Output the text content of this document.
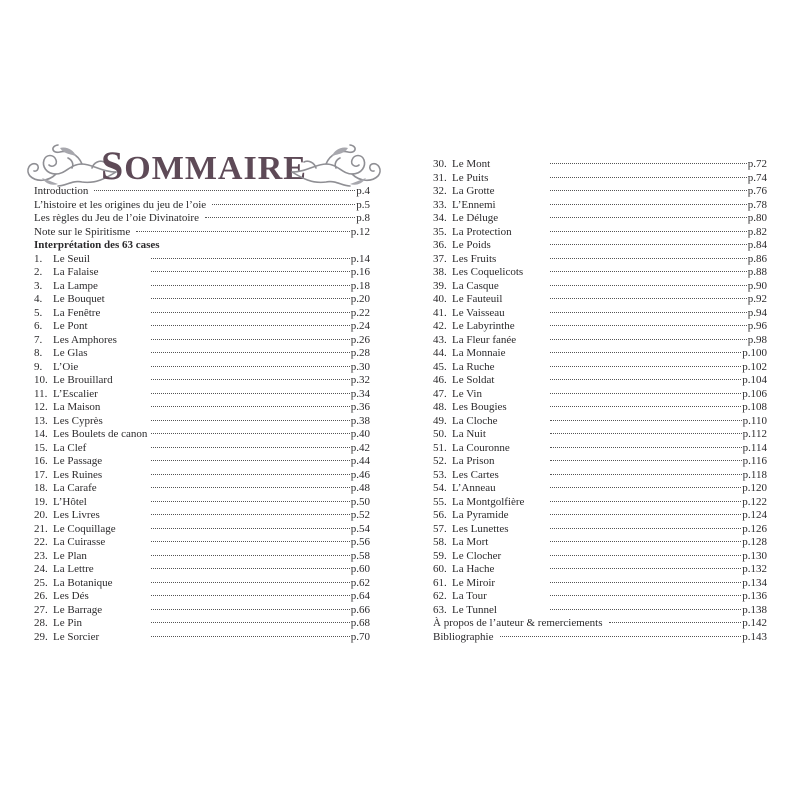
SOMMAIRE
Introduction	p.4
L’histoire et les origines du jeu de l’oie	p.5
Les règles du Jeu de l’oie Divinatoire	p.8
Note sur le Spiritisme	p.12
Interprétation des 63 cases
1. Le Seuil	p.14
2. La Falaise	p.16
3. La Lampe	p.18
4. Le Bouquet	p.20
5. La Fenêtre	p.22
6. Le Pont	p.24
7. Les Amphores	p.26
8. Le Glas	p.28
9. L’Oie	p.30
10. Le Brouillard	p.32
11. L’Escalier	p.34
12. La Maison	p.36
13. Les Cyprès	p.38
14. Les Boulets de canon	p.40
15. La Clef	p.42
16. Le Passage	p.44
17. Les Ruines	p.46
18. La Carafe	p.48
19. L’Hôtel	p.50
20. Les Livres	p.52
21. Le Coquillage	p.54
22. La Cuirasse	p.56
23. Le Plan	p.58
24. La Lettre	p.60
25. La Botanique	p.62
26. Les Dés	p.64
27. Le Barrage	p.66
28. Le Pin	p.68
29. Le Sorcier	p.70
30. Le Mont	p.72
31. Le Puits	p.74
32. La Grotte	p.76
33. L’Ennemi	p.78
34. Le Déluge	p.80
35. La Protection	p.82
36. Le Poids	p.84
37. Les Fruits	p.86
38. Les Coquelicots	p.88
39. La Casque	p.90
40. Le Fauteuil	p.92
41. Le Vaisseau	p.94
42. Le Labyrinthe	p.96
43. La Fleur fanée	p.98
44. La Monnaie	p.100
45. La Ruche	p.102
46. Le Soldat	p.104
47. Le Vin	p.106
48. Les Bougies	p.108
49. La Cloche	p.110
50. La Nuit	p.112
51. La Couronne	p.114
52. La Prison	p.116
53. Les Cartes	p.118
54. L’Anneau	p.120
55. La Montgolfière	p.122
56. La Pyramide	p.124
57. Les Lunettes	p.126
58. La Mort	p.128
59. Le Clocher	p.130
60. La Hache	p.132
61. Le Miroir	p.134
62. La Tour	p.136
63. Le Tunnel	p.138
À propos de l’auteur & remerciements	p.142
Bibliographie	p.143
